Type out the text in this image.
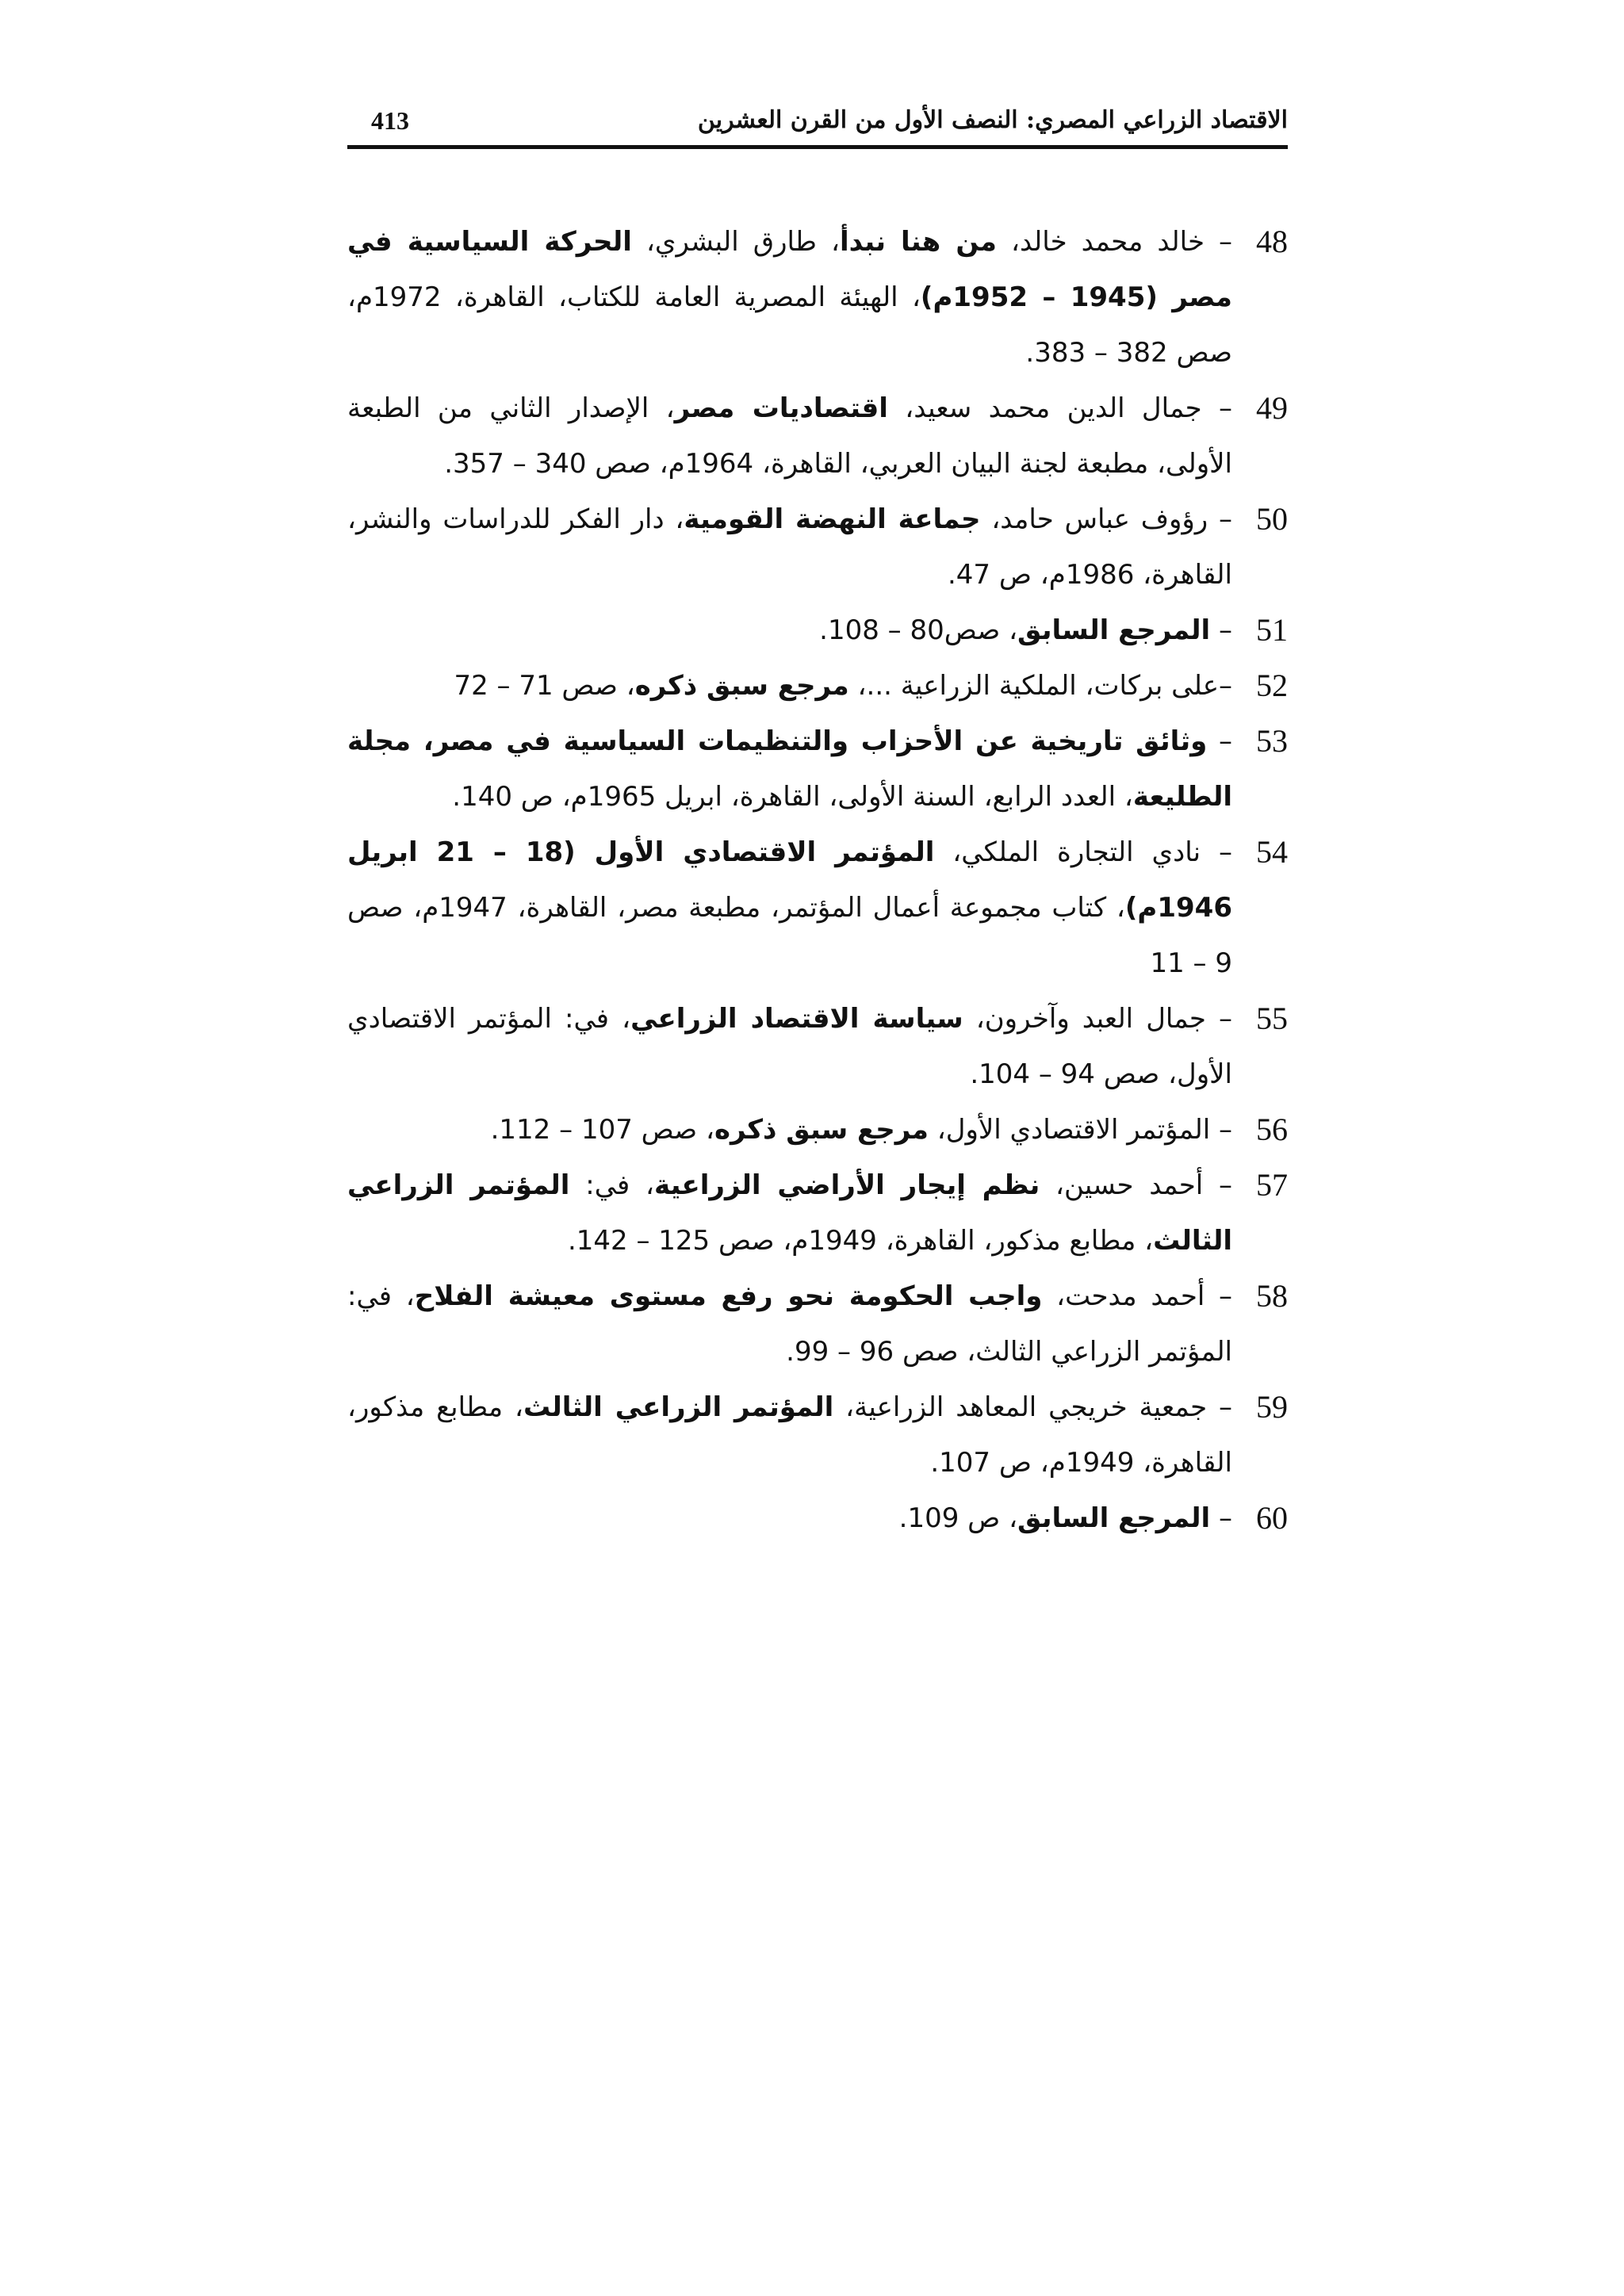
الاقتصاد الزراعي المصري: النصف الأول من القرن العشرين
413

48
– خالد محمد خالد، من هنا نبدأ، طارق البشري، الحركة السياسية في مصر (1945 – 1952م)، الهيئة المصرية العامة للكتاب، القاهرة، 1972م، صص 382 – 383.

49
– جمال الدين محمد سعيد، اقتصاديات مصر، الإصدار الثاني من الطبعة الأولى، مطبعة لجنة البيان العربي، القاهرة، 1964م، صص 340 – 357.

50
– رؤوف عباس حامد، جماعة النهضة القومية، دار الفكر للدراسات والنشر، القاهرة، 1986م، ص 47.

51
– المرجع السابق، صص80 – 108.

52
–على بركات، الملكية الزراعية ...، مرجع سبق ذكره، صص 71 – 72

53
– وثائق تاريخية عن الأحزاب والتنظيمات السياسية في مصر، مجلة الطليعة، العدد الرابع، السنة الأولى، القاهرة، ابريل 1965م، ص 140.

54
– نادي التجارة الملكي، المؤتمر الاقتصادي الأول (18 – 21 ابريل 1946م)، كتاب مجموعة أعمال المؤتمر، مطبعة مصر، القاهرة، 1947م، صص 9 – 11

55
– جمال العبد وآخرون، سياسة الاقتصاد الزراعي، في: المؤتمر الاقتصادي الأول، صص 94 – 104.

56
– المؤتمر الاقتصادي الأول، مرجع سبق ذكره، صص 107 – 112.

57
– أحمد حسين، نظم إيجار الأراضي الزراعية، في: المؤتمر الزراعي الثالث، مطابع مذكور، القاهرة، 1949م، صص 125 – 142.

58
– أحمد مدحت، واجب الحكومة نحو رفع مستوى معيشة الفلاح، في: المؤتمر الزراعي الثالث، صص 96 – 99.

59
– جمعية خريجي المعاهد الزراعية، المؤتمر الزراعي الثالث، مطابع مذكور، القاهرة، 1949م، ص 107.

60
– المرجع السابق، ص 109.
